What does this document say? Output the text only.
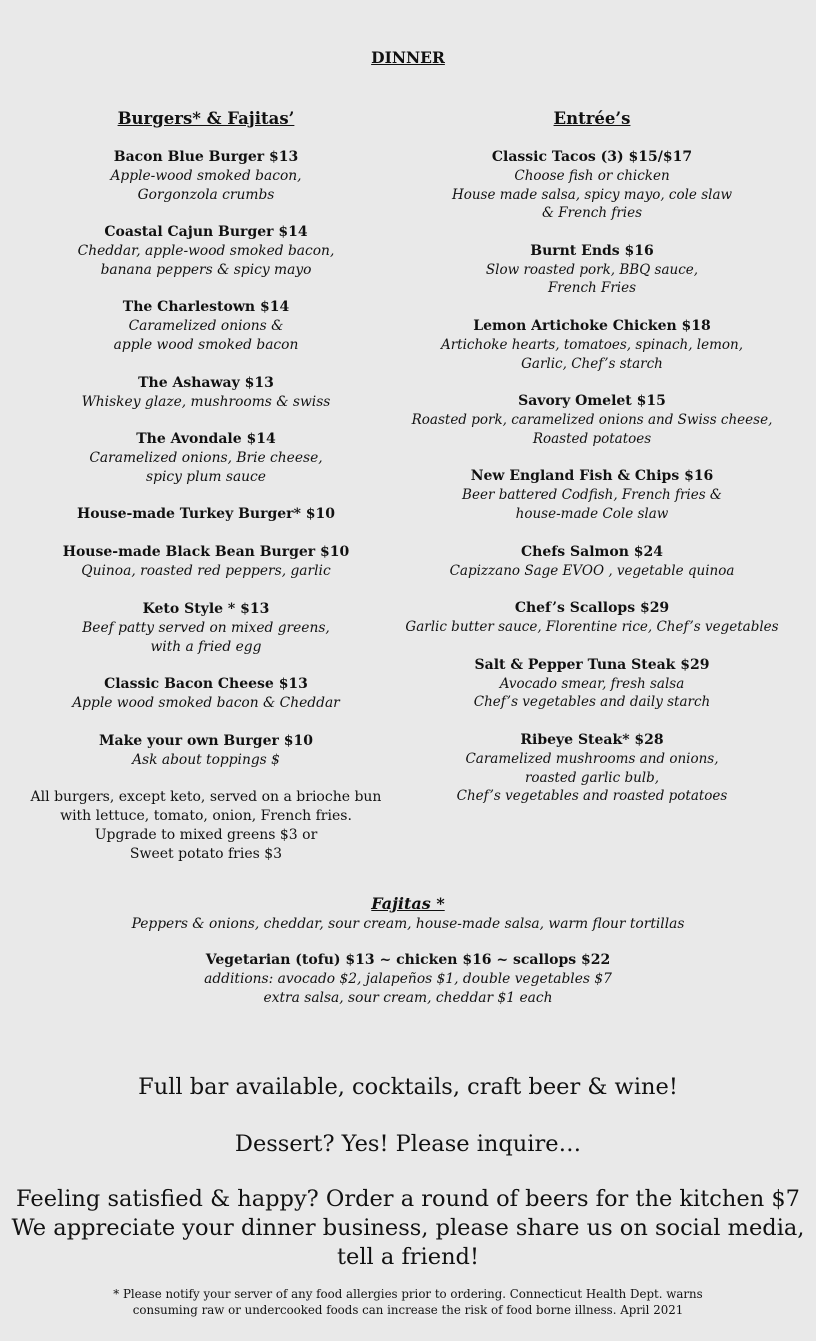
DINNER
Burgers* & Fajitas’
Bacon Blue Burger $13
Apple-wood smoked bacon,
Gorgonzola crumbs
Coastal Cajun Burger $14
Cheddar, apple-wood smoked bacon,
banana peppers & spicy mayo
The Charlestown $14
Caramelized onions &
apple wood smoked bacon
The Ashaway $13
Whiskey glaze, mushrooms & swiss
The Avondale $14
Caramelized onions, Brie cheese,
spicy plum sauce
House-made Turkey Burger* $10
House-made Black Bean Burger $10
Quinoa, roasted red peppers, garlic
Keto Style * $13
Beef patty served on mixed greens,
with a fried egg
Classic Bacon Cheese $13
Apple wood smoked bacon & Cheddar
Make your own Burger $10
Ask about toppings $
All burgers, except keto, served on a brioche bun
with lettuce, tomato, onion, French fries.
Upgrade to mixed greens $3 or
Sweet potato fries $3
Entrée’s
Classic Tacos (3) $15/$17
Choose fish or chicken
House made salsa, spicy mayo, cole slaw
& French fries
Burnt Ends $16
Slow roasted pork, BBQ sauce,
French Fries
Lemon Artichoke Chicken $18
Artichoke hearts, tomatoes, spinach, lemon,
Garlic, Chef’s starch
Savory Omelet $15
Roasted pork, caramelized onions and Swiss cheese,
Roasted potatoes
New England Fish & Chips $16
Beer battered Codfish, French fries &
house-made Cole slaw
Chefs Salmon $24
Capizzano Sage EVOO , vegetable quinoa
Chef’s Scallops $29
Garlic butter sauce, Florentine rice, Chef’s vegetables
Salt & Pepper Tuna Steak $29
Avocado smear, fresh salsa
Chef’s vegetables and daily starch
Ribeye Steak* $28
Caramelized mushrooms and onions,
roasted garlic bulb,
Chef’s vegetables and roasted potatoes
Fajitas *
Peppers & onions, cheddar, sour cream, house-made salsa, warm flour tortillas
Vegetarian (tofu) $13 ~ chicken $16 ~ scallops $22
additions: avocado $2, jalapeños $1, double vegetables $7
extra salsa, sour cream, cheddar $1 each
Full bar available, cocktails, craft beer & wine!
Dessert? Yes! Please inquire…
Feeling satisfied & happy? Order a round of beers for the kitchen $7
We appreciate your dinner business, please share us on social media,
tell a friend!
* Please notify your server of any food allergies prior to ordering. Connecticut Health Dept. warns
consuming raw or undercooked foods can increase the risk of food borne illness. April 2021
